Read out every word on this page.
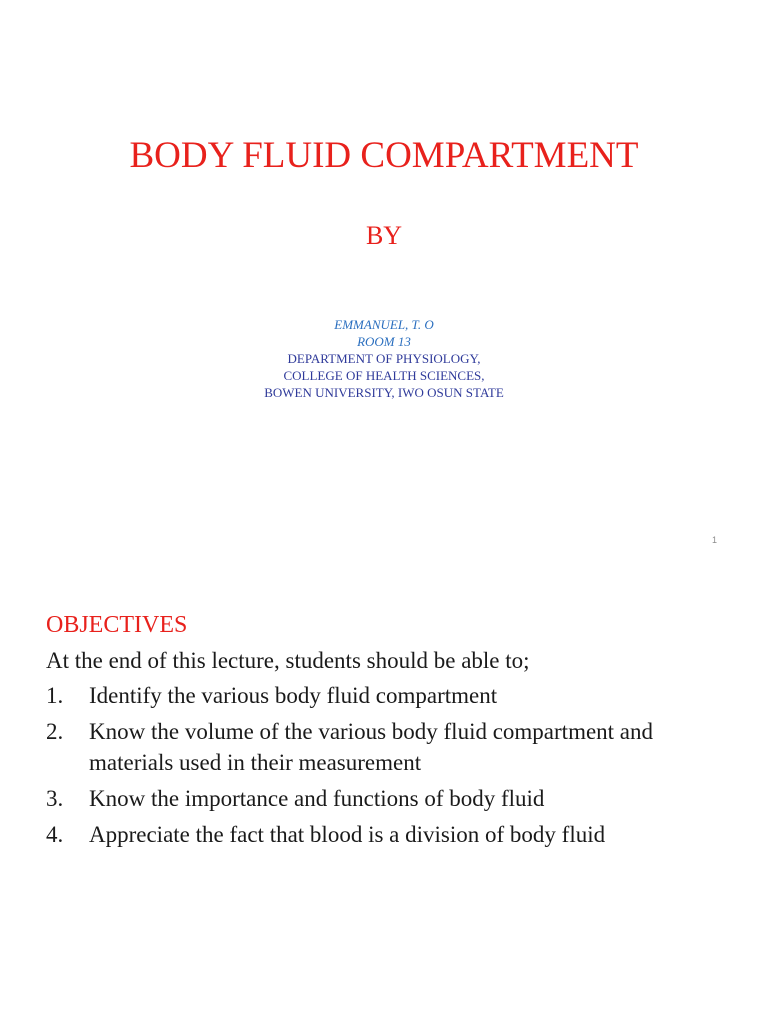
BODY FLUID COMPARTMENT
BY
EMMANUEL, T. O
ROOM 13
DEPARTMENT OF PHYSIOLOGY,
COLLEGE OF HEALTH SCIENCES,
BOWEN UNIVERSITY, IWO OSUN STATE
1
OBJECTIVES
At the end of this lecture, students should be able to;
1.	Identify the various body fluid compartment
2.	Know the volume of the various body fluid compartment and materials used in their measurement
3.	Know the importance and functions of body fluid
4.	Appreciate the fact that blood is a division of body fluid
